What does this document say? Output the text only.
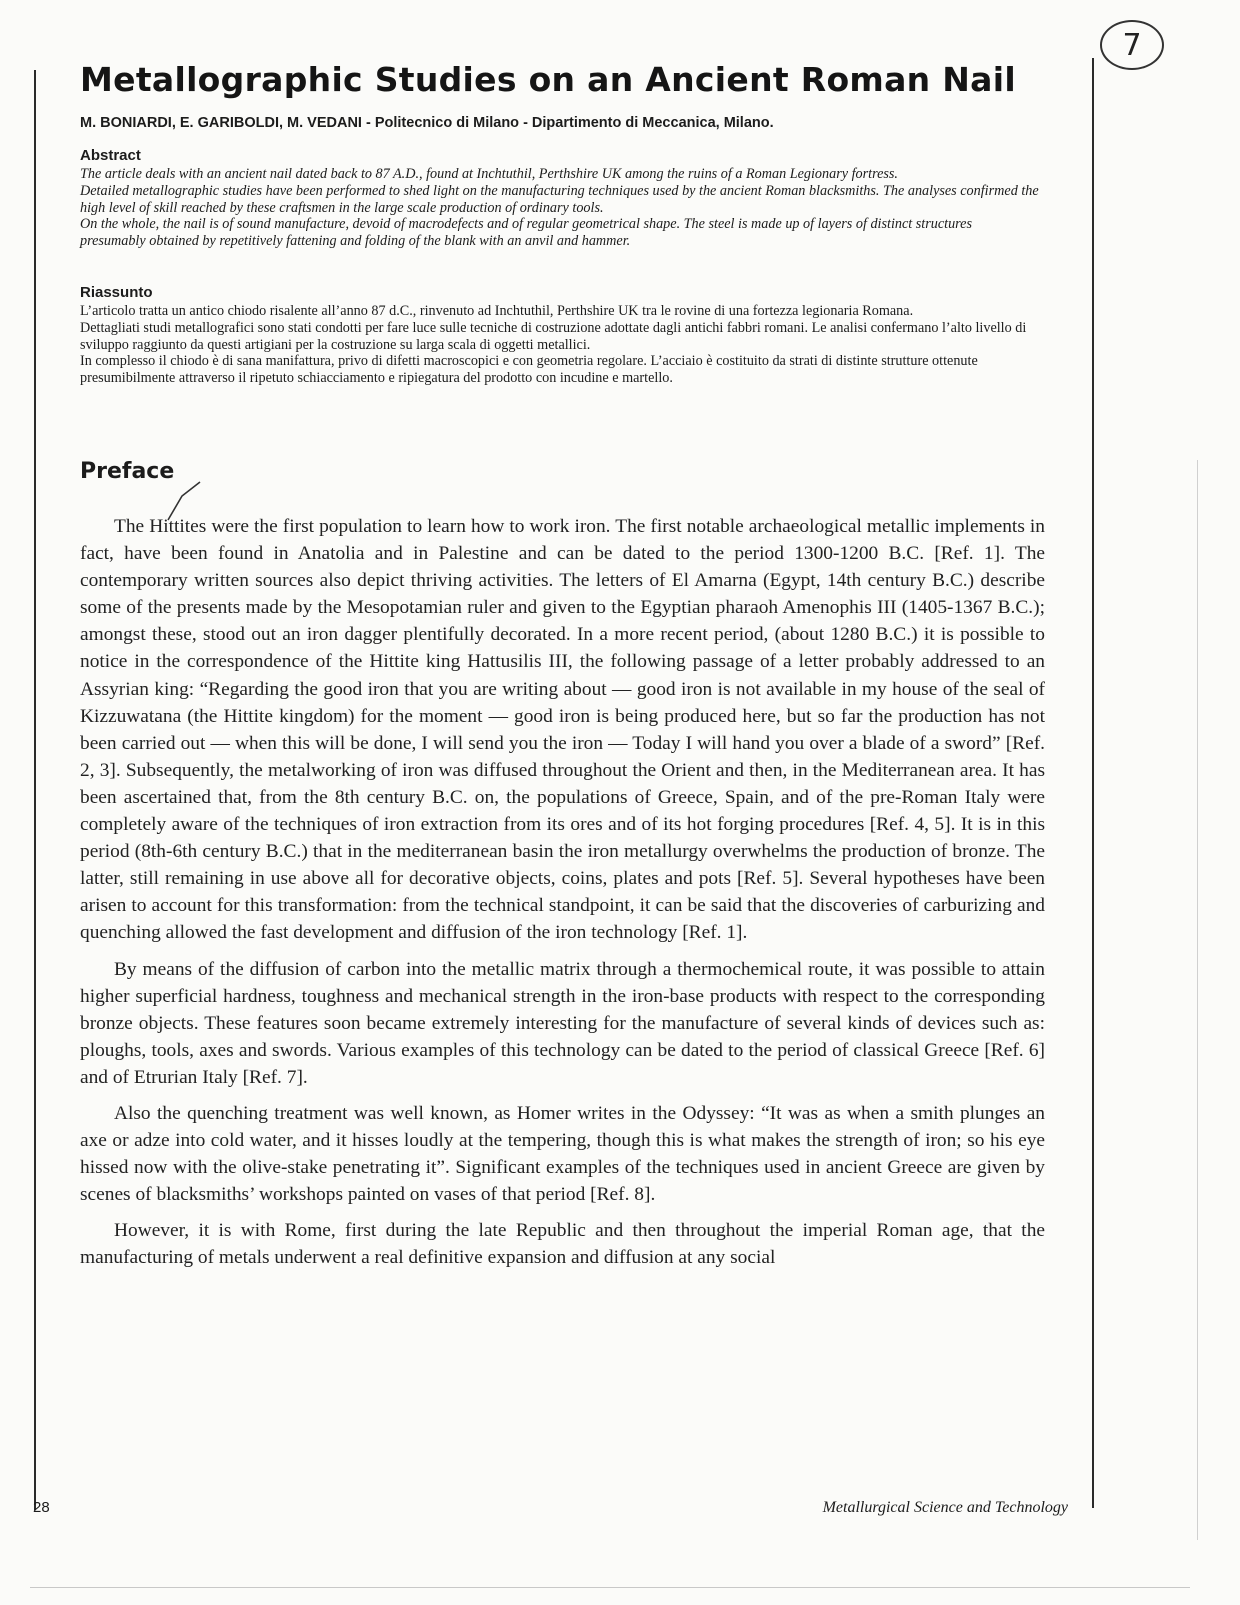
7
Metallographic Studies on an Ancient Roman Nail

M. BONIARDI, E. GARIBOLDI, M. VEDANI - Politecnico di Milano - Dipartimento di Meccanica, Milano.

Abstract

The article deals with an ancient nail dated back to 87 A.D., found at Inchtuthil, Perthshire UK among the ruins of a Roman Legionary fortress.

Detailed metallographic studies have been performed to shed light on the manufacturing techniques used by the ancient Roman blacksmiths. The analyses confirmed the high level of skill reached by these craftsmen in the large scale production of ordinary tools.

On the whole, the nail is of sound manufacture, devoid of macrodefects and of regular geometrical shape. The steel is made up of layers of distinct structures presumably obtained by repetitively fattening and folding of the blank with an anvil and hammer.

Riassunto

L’articolo tratta un antico chiodo risalente all’anno 87 d.C., rinvenuto ad Inchtuthil, Perthshire UK tra le rovine di una fortezza legionaria Romana.

Dettagliati studi metallografici sono stati condotti per fare luce sulle tecniche di costruzione adottate dagli antichi fabbri romani. Le analisi confermano l’alto livello di sviluppo raggiunto da questi artigiani per la costruzione su larga scala di oggetti metallici.

In complesso il chiodo è di sana manifattura, privo di difetti macroscopici e con geometria regolare. L’acciaio è costituito da strati di distinte strutture ottenute presumibilmente attraverso il ripetuto schiacciamento e ripiegatura del prodotto con incudine e martello.

Preface

The Hittites were the first population to learn how to work iron. The first notable archaeological metallic implements in fact, have been found in Anatolia and in Palestine and can be dated to the period 1300-1200 B.C. [Ref. 1]. The contemporary written sources also depict thriving activities. The letters of El Amarna (Egypt, 14th century B.C.) describe some of the presents made by the Mesopotamian ruler and given to the Egyptian pharaoh Amenophis III (1405-1367 B.C.); amongst these, stood out an iron dagger plentifully decorated. In a more recent period, (about 1280 B.C.) it is possible to notice in the correspondence of the Hittite king Hattusilis III, the following passage of a letter probably addressed to an Assyrian king: “Regarding the good iron that you are writing about — good iron is not available in my house of the seal of Kizzuwatana (the Hittite kingdom) for the moment — good iron is being produced here, but so far the production has not been carried out — when this will be done, I will send you the iron — Today I will hand you over a blade of a sword” [Ref. 2, 3]. Subsequently, the metalworking of iron was diffused throughout the Orient and then, in the Mediterranean area. It has been ascertained that, from the 8th century B.C. on, the populations of Greece, Spain, and of the pre-Roman Italy were completely aware of the techniques of iron extraction from its ores and of its hot forging procedures [Ref. 4, 5]. It is in this period (8th-6th century B.C.) that in the mediterranean basin the iron metallurgy overwhelms the production of bronze. The latter, still remaining in use above all for decorative objects, coins, plates and pots [Ref. 5]. Several hypotheses have been arisen to account for this transformation: from the technical standpoint, it can be said that the discoveries of carburizing and quenching allowed the fast development and diffusion of the iron technology [Ref. 1].

By means of the diffusion of carbon into the metallic matrix through a thermochemical route, it was possible to attain higher superficial hardness, toughness and mechanical strength in the iron-base products with respect to the corresponding bronze objects. These features soon became extremely interesting for the manufacture of several kinds of devices such as: ploughs, tools, axes and swords. Various examples of this technology can be dated to the period of classical Greece [Ref. 6] and of Etrurian Italy [Ref. 7].

Also the quenching treatment was well known, as Homer writes in the Odyssey: “It was as when a smith plunges an axe or adze into cold water, and it hisses loudly at the tempering, though this is what makes the strength of iron; so his eye hissed now with the olive-stake penetrating it”. Significant examples of the techniques used in ancient Greece are given by scenes of blacksmiths’ workshops painted on vases of that period [Ref. 8].

However, it is with Rome, first during the late Republic and then throughout the imperial Roman age, that the manufacturing of metals underwent a real definitive expansion and diffusion at any social

28	Metallurgical Science and Technology
